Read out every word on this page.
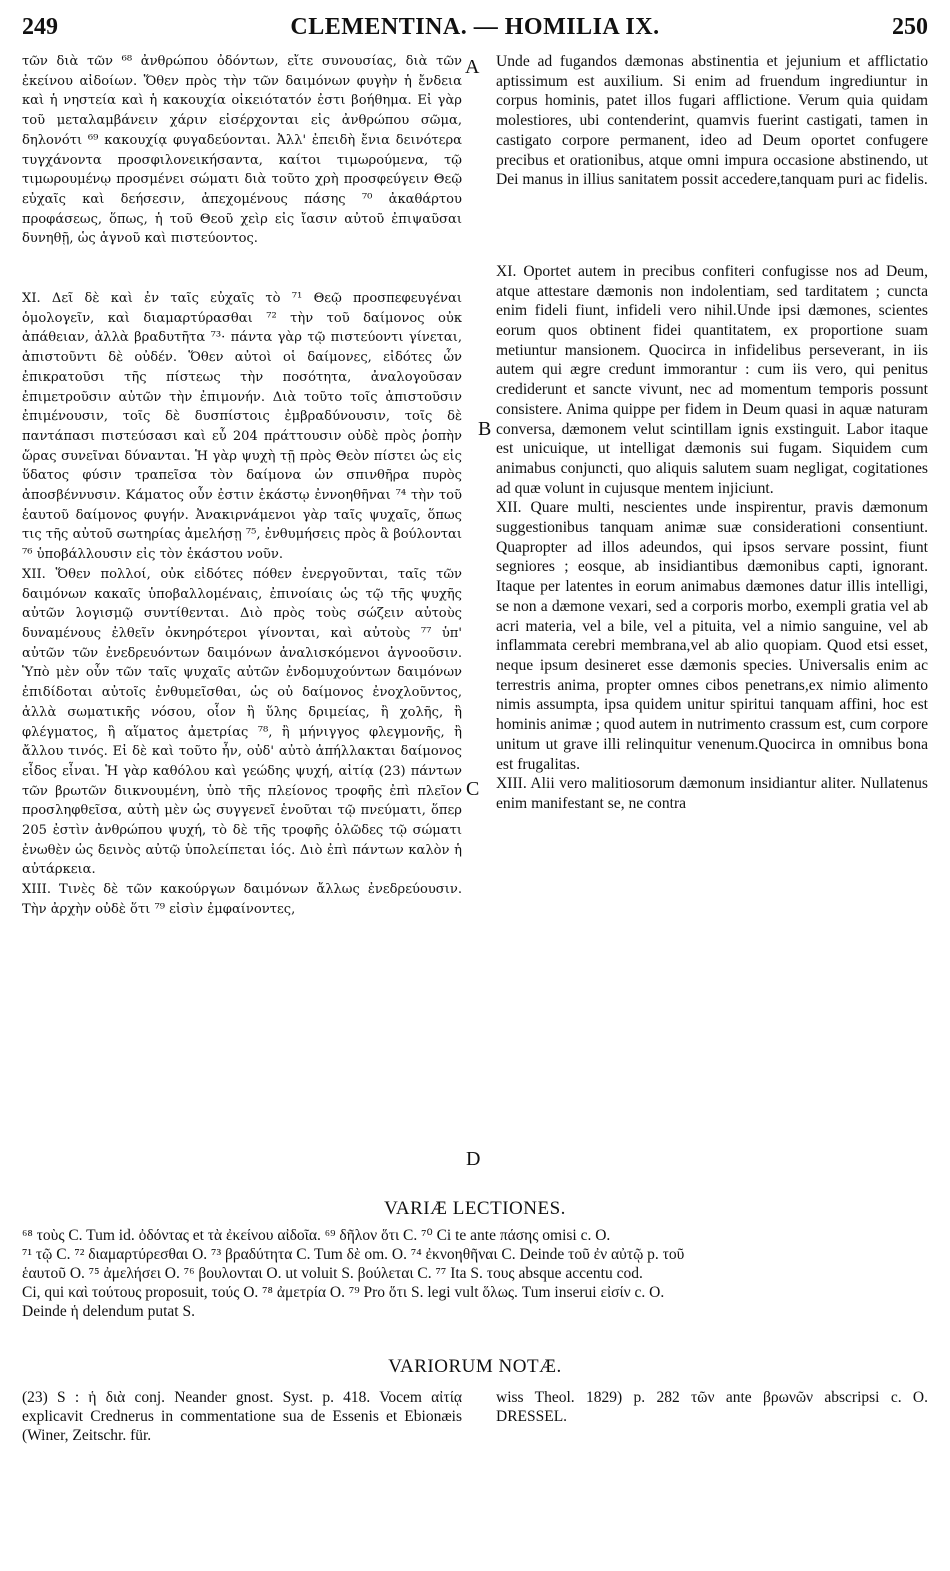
249	CLEMENTINA. — HOMILIA IX.	250

τῶν διὰ τῶν ⁶⁸ ἀνθρώπου ὀδόντων, εἴτε συνουσίας, διὰ τῶν ἐκείνου αἰδοίων. Ὅθεν πρὸς τὴν τῶν δαιμόνων φυγὴν ἡ ἔνδεια καὶ ἡ νηστεία καὶ ἡ κακουχία οἰκειότατόν ἐστι βοήθημα. Εἰ γὰρ τοῦ μεταλαμβάνειν χάριν εἰσέρχονται εἰς ἀνθρώπου σῶμα, δηλονότι ⁶⁹ κακουχίᾳ φυγαδεύονται. Ἀλλ' ἐπειδὴ ἔνια δεινότερα τυγχάνοντα προσφιλονεικήσαντα, καίτοι τιμωρούμενα, τῷ τιμωρουμένῳ προσμένει σώματι διὰ τοῦτο χρὴ προσφεύγειν Θεῷ εὐχαῖς καὶ δεήσεσιν, ἀπεχομένους πάσης ⁷⁰ ἀκαθάρτου προφάσεως, ὅπως, ἡ τοῦ Θεοῦ χεὶρ εἰς ἴασιν αὐτοῦ ἐπιψαῦσαι δυνηθῇ, ὡς ἁγνοῦ καὶ πιστεύοντος.

XI. Δεῖ δὲ καὶ ἐν ταῖς εὐχαῖς τὸ ⁷¹ Θεῷ προσπεφευγέναι ὁμολογεῖν, καὶ διαμαρτύρασθαι ⁷² τὴν τοῦ δαίμονος οὐκ ἀπάθειαν, ἀλλὰ βραδυτῆτα ⁷³· πάντα γὰρ τῷ πιστεύοντι γίνεται, ἀπιστοῦντι δὲ οὐδέν. Ὅθεν αὐτοὶ οἱ δαίμονες, εἰδότες ὧν ἐπικρατοῦσι τῆς πίστεως τὴν ποσότητα, ἀναλογοῦσαν ἐπιμετροῦσιν αὐτῶν τὴν ἐπιμονήν. Διὰ τοῦτο τοῖς ἀπιστοῦσιν ἐπιμένουσιν, τοῖς δὲ δυσπίστοις ἐμβραδύνουσιν, τοῖς δὲ παντάπασι πιστεύσασι καὶ εὖ 204 πράττουσιν οὐδὲ πρὸς ῥοπὴν ὥρας συνεῖναι δύνανται. Ἡ γὰρ ψυχὴ τῇ πρὸς Θεὸν πίστει ὡς εἰς ὕδατος φύσιν τραπεῖσα τὸν δαίμονα ὡν σπινθῆρα πυρὸς ἀποσβέννυσιν. Κάματος οὖν ἐστιν ἑκάστῳ ἐννοηθῆναι ⁷⁴ τὴν τοῦ ἑαυτοῦ δαίμονος φυγήν. Ἀνακιρνάμενοι γὰρ ταῖς ψυχαῖς, ὅπως τις τῆς αὐτοῦ σωτηρίας ἀμελήσῃ ⁷⁵, ἐνθυμήσεις πρὸς ἃ βούλονται ⁷⁶ ὑποβάλλουσιν εἰς τὸν ἑκάστου νοῦν.

XII. Ὅθεν πολλοί, οὐκ εἰδότες πόθεν ἐνεργοῦνται, ταῖς τῶν δαιμόνων κακαῖς ὑποβαλλομέναις, ἐπινοίαις ὡς τῷ τῆς ψυχῆς αὐτῶν λογισμῷ συντίθενται. Διὸ πρὸς τοὺς σώζειν αὐτοὺς δυναμένους ἐλθεῖν ὀκνηρότεροι γίνονται, καὶ αὐτοὺς ⁷⁷ ὑπ' αὐτῶν τῶν ἐνεδρευόντων δαιμόνων ἀναλισκόμενοι ἀγνοοῦσιν. Ὑπὸ μὲν οὖν τῶν ταῖς ψυχαῖς αὐτῶν ἐνδομυχούντων δαιμόνων ἐπιδίδοται αὐτοῖς ἐνθυμεῖσθαι, ὡς οὐ δαίμονος ἐνοχλοῦντος, ἀλλὰ σωματικῆς νόσου, οἷον ἢ ὕλης δριμείας, ἢ χολῆς, ἢ φλέγματος, ἢ αἵματος ἀμετρίας ⁷⁸, ἢ μήνιγγος φλεγμονῆς, ἢ ἄλλου τινός. Εἰ δὲ καὶ τοῦτο ἦν, οὐδ' αὐτὸ ἀπήλλακται δαίμονος εἶδος εἶναι. Ἡ γὰρ καθόλου καὶ γεώδης ψυχή, αἰτίᾳ (23) πάντων τῶν βρωτῶν διικνουμένη, ὑπὸ τῆς πλείονος τροφῆς ἐπὶ πλεῖον προσληφθεῖσα, αὐτὴ μὲν ὡς συγγενεῖ ἑνοῦται τῷ πνεύματι, ὅπερ 205 ἐστὶν ἀνθρώπου ψυχή, τὸ δὲ τῆς τροφῆς ὁλῶδες τῷ σώματι ἐνωθὲν ὡς δεινὸς αὐτῷ ὑπολείπεται ἰός. Διὸ ἐπὶ πάντων καλὸν ἡ αὐτάρκεια.

XIII. Τινὲς δὲ τῶν κακούργων δαιμόνων ἄλλως ἐνεδρεύουσιν. Τὴν ἀρχὴν οὐδὲ ὅτι ⁷⁹ εἰσὶν ἐμφαίνοντες,

A
B
C
D

Unde ad fugandos dæmonas abstinentia et jejunium et afflictatio aptissimum est auxilium. Si enim ad fruendum ingrediuntur in corpus hominis, patet illos fugari afflictione. Verum quia quidam molestiores, ubi contenderint, quamvis fuerint castigati, tamen in castigato corpore permanent, ideo ad Deum oportet confugere precibus et orationibus, atque omni impura occasione abstinendo, ut Dei manus in illius sanitatem possit accedere,tanquam puri ac fidelis.

XI. Oportet autem in precibus confiteri confugisse nos ad Deum, atque attestare dæmonis non indolentiam, sed tarditatem ; cuncta enim fideli fiunt, infideli vero nihil.Unde ipsi dæmones, scientes eorum quos obtinent fidei quantitatem, ex proportione suam metiuntur mansionem. Quocirca in infidelibus perseverant, in iis autem qui ægre credunt immorantur : cum iis vero, qui penitus crediderunt et sancte vivunt, nec ad momentum temporis possunt consistere. Anima quippe per fidem in Deum quasi in aquæ naturam conversa, dæmonem velut scintillam ignis exstinguit. Labor itaque est unicuique, ut intelligat dæmonis sui fugam. Siquidem cum animabus conjuncti, quo aliquis salutem suam negligat, cogitationes ad quæ volunt in cujusque mentem injiciunt.

XII. Quare multi, nescientes unde inspirentur, pravis dæmonum suggestionibus tanquam animæ suæ considerationi consentiunt. Quapropter ad illos adeundos, qui ipsos servare possint, fiunt segniores ; eosque, ab insidiantibus dæmonibus capti, ignorant. Itaque per latentes in eorum animabus dæmones datur illis intelligi, se non a dæmone vexari, sed a corporis morbo, exempli gratia vel ab acri materia, vel a bile, vel a pituita, vel a nimio sanguine, vel ab inflammata cerebri membrana,vel ab alio quopiam. Quod etsi esset, neque ipsum desineret esse dæmonis species. Universalis enim ac terrestris anima, propter omnes cibos penetrans,ex nimio alimento nimis assumpta, ipsa quidem unitur spiritui tanquam affini, hoc est hominis animæ ; quod autem in nutrimento crassum est, cum corpore unitum ut grave illi relinquitur venenum.Quocirca in omnibus bona est frugalitas.

XIII. Alii vero malitiosorum dæmonum insidiantur aliter. Nullatenus enim manifestant se, ne contra

VARIÆ LECTIONES.
⁶⁸ τοὺς C. Tum id. ὀδόντας et τὰ ἐκείνου αἰδοῖα. ⁶⁹ δῆλον ὅτι C. ⁷⁰ Ci te ante πάσης omisi c. O.
⁷¹ τῷ C. ⁷² διαμαρτύρεσθαι O. ⁷³ βραδύτητα C. Tum δὲ om. O. ⁷⁴ ἐκνοηθῆναι C. Deinde τοῦ ἐν αὐτῷ p. τοῦ
ἑαυτοῦ O. ⁷⁵ ἀμελήσει O. ⁷⁶ βουλονται O. ut voluit S. βούλεται C. ⁷⁷ Ita S. τους absque accentu cod.
Ci, qui καὶ τούτους proposuit, τούς O. ⁷⁸ ἀμετρία O. ⁷⁹ Pro ὅτι S. legi vult ὅλως. Tum inserui εἰσίν c. O.
Deinde ἡ delendum putat S.
VARIORUM NOTÆ.

(23) S : ἡ διὰ conj. Neander gnost. Syst. p. 418. Vocem αἰτίᾳ explicavit Crednerus in commentatione sua de Essenis et Ebionæis (Winer, Zeitschr. für.

wiss Theol. 1829) p. 282 τῶν ante βρωνῶν abscripsi c. O. DRESSEL.
